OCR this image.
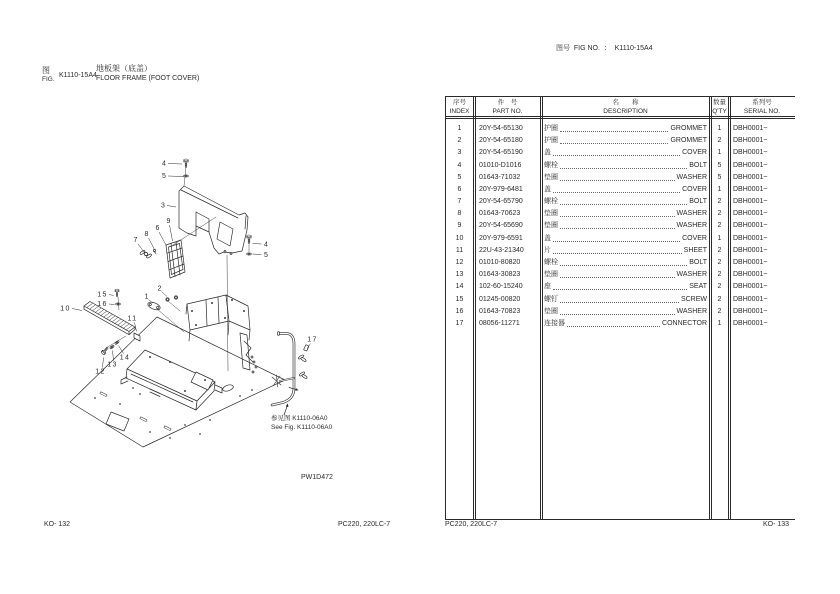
图
FIG.
K1110-15A4
地板架（底盖）
FLOOR FRAME (FOOT COVER)
图号  FIG NO.  ：  K1110-15A4
4
5
3
9
6
8
7
4
5
15
16
10
11
1
2
12
13
14
17
参见图 K1110-06A0
See Fig. K1110-06A0
PW1D472
序号
INDEX
件　号
PART NO.
名　　称
DESCRIPTION
数量
Q'TY
系列号
SERIAL NO.
1	20Y-54-65130	护圈	GROMMET	1	DBH0001~
2	20Y-54-65180	护圈	GROMMET	2	DBH0001~
3	20Y-54-65190	盖	COVER	1	DBH0001~
4	01010-D1016	螺栓	BOLT	5	DBH0001~
5	01643-71032	垫圈	WASHER	5	DBH0001~
6	20Y-979-6481	盖	COVER	1	DBH0001~
7	20Y-54-65790	螺栓	BOLT	2	DBH0001~
8	01643-70623	垫圈	WASHER	2	DBH0001~
9	20Y-54-65690	垫圈	WASHER	2	DBH0001~
10	20Y-979-6591	盖	COVER	1	DBH0001~
11	22U-43-21340	片	SHEET	2	DBH0001~
12	01010-80820	螺栓	BOLT	2	DBH0001~
13	01643-30823	垫圈	WASHER	2	DBH0001~
14	102-60-15240	座	SEAT	2	DBH0001~
15	01245-00820	螺钉	SCREW	2	DBH0001~
16	01643-70823	垫圈	WASHER	2	DBH0001~
17	08056-11271	连接器	CONNECTOR	1	DBH0001~
KO- 132	PC220, 220LC-7	PC220, 220LC-7	KO- 133
